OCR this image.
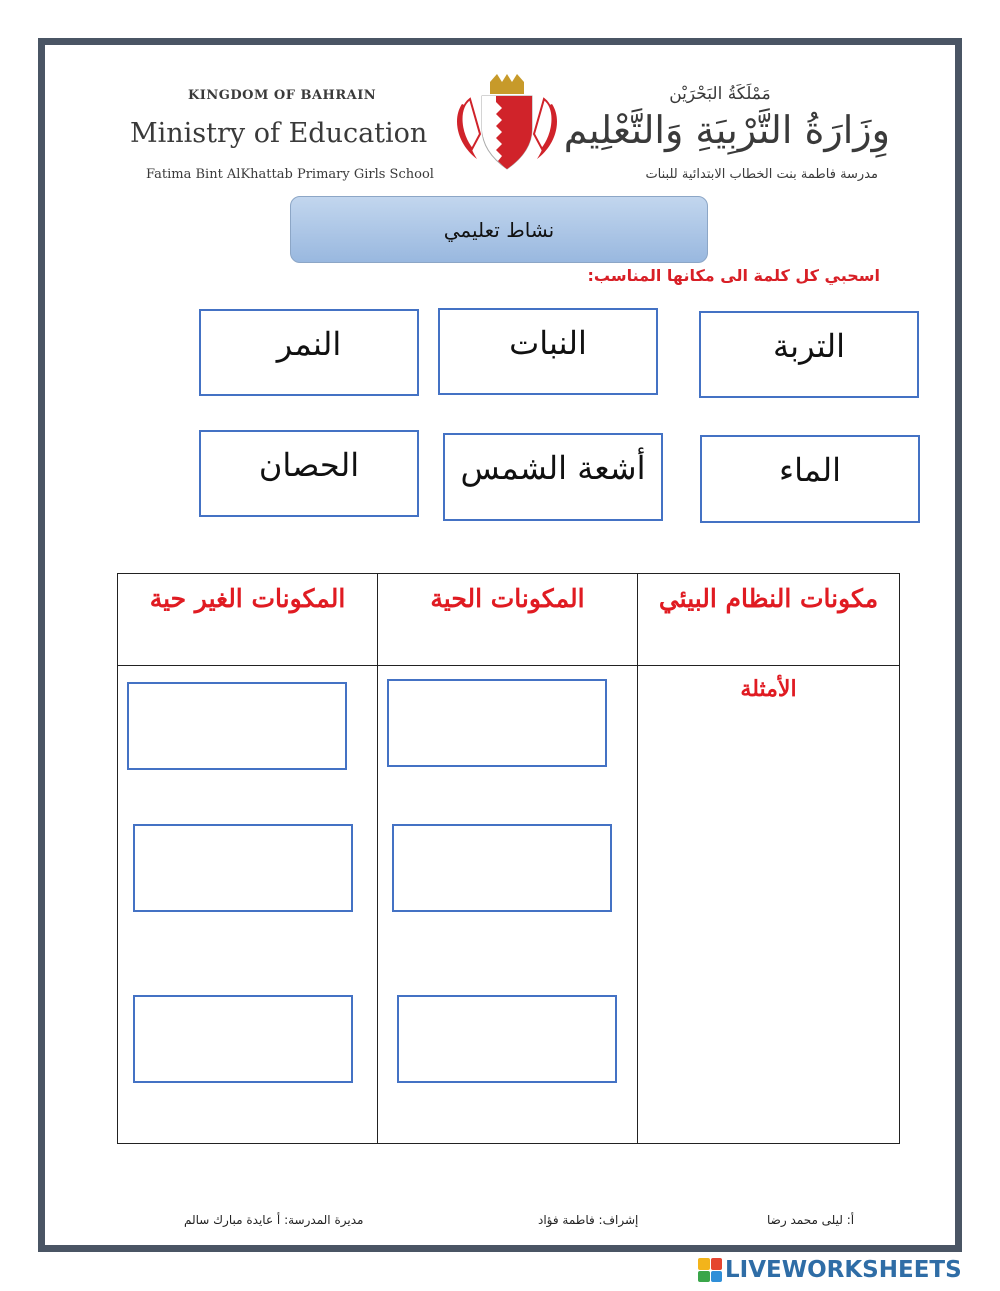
KINGDOM OF BAHRAIN
Ministry of Education
Fatima Bint AlKhattab Primary Girls School
مَمْلَكَةُ البَحْرَيْن
وِزَارَةُ التَّرْبِيَةِ وَالتَّعْلِيم
مدرسة فاطمة بنت الخطاب الابتدائية للبنات
نشاط تعليمي
اسحبي كل كلمة الى مكانها المناسب:
التربة
النبات
النمر
الماء
أشعة الشمس
الحصان
المكونات الغير حية	المكونات الحية	مكونات النظام البيئي
		الأمثلة
أ: ليلى محمد رضا
إشراف: فاطمة فؤاد
مديرة المدرسة: أ عايدة مبارك سالم
LIVEWORKSHEETS
